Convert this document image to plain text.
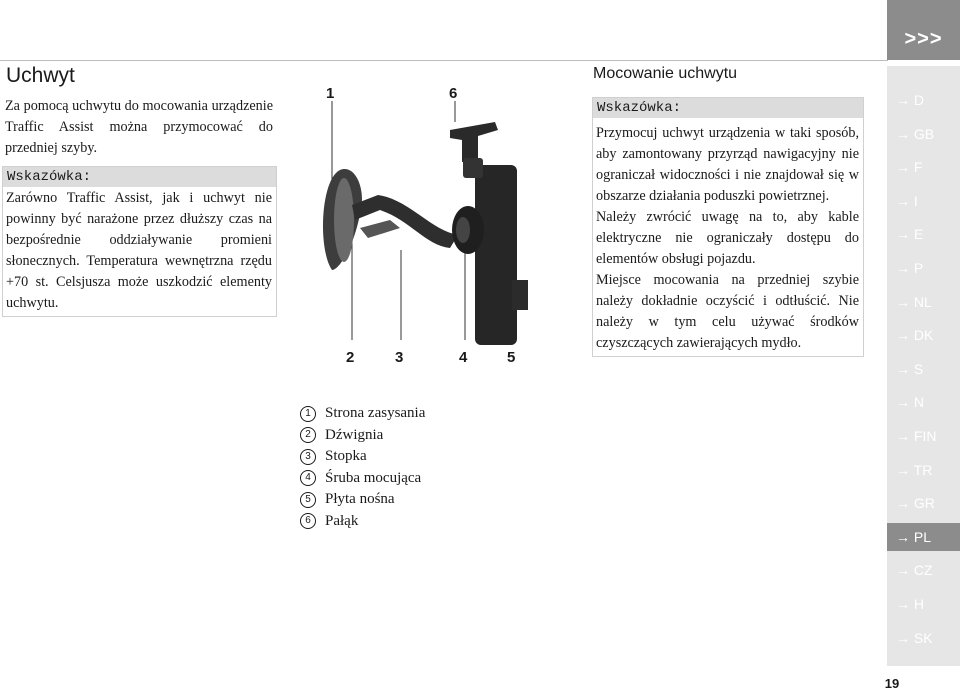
Uchwyt

Za pomocą uchwytu do mocowania urządzenie Traffic Assist można przymocować do przedniej szyby.

Wskazówka:
Zarówno Traffic Assist, jak i uchwyt nie powinny być narażone przez dłuższy czas na bezpośrednie oddziaływanie promieni słonecznych. Temperatura wewnętrzna rzędu +70 st. Celsjusza może uszkodzić elementy uchwytu.
1	6
2	3	4	5
1 Strona zasysania
2 Dźwignia
3 Stopka
4 Śruba mocująca
5 Płyta nośna
6 Pałąk
Mocowanie uchwytu
Wskazówka:

Przymocuj uchwyt urządzenia w taki sposób, aby zamontowany przyrząd nawigacyjny nie ograniczał widoczności i nie znajdował się w obszarze działania poduszki powietrznej.

Należy zwrócić uwagę na to, aby kable elektryczne nie ograniczały dostępu do elementów obsługi pojazdu.

Miejsce mocowania na przedniej szybie należy dokładnie oczyścić i odtłuścić. Nie należy w tym celu używać środków czyszczących zawierających mydło.

>>>
→ D
→ GB
→ F
→ I
→ E
→ P
→ NL
→ DK
→ S
→ N
→ FIN
→ TR
→ GR
→ PL
→ CZ
→ H
→ SK
19
